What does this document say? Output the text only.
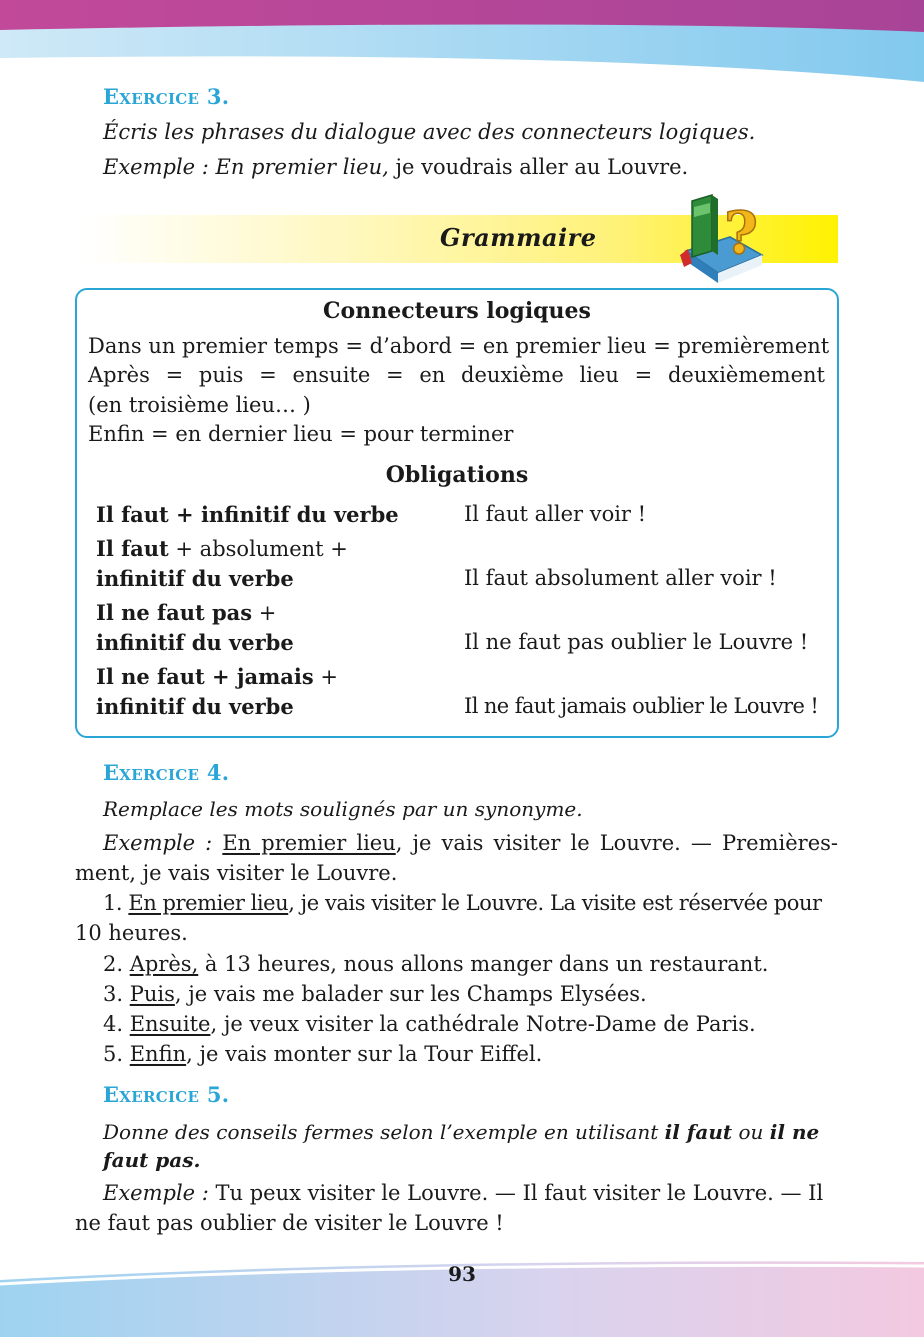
Exercice 3.
Écris les phrases du dialogue avec des connecteurs logiques.
Exemple : En premier lieu, je voudrais aller au Louvre.
Grammaire ?
Connecteurs logiques
Dans un premier temps = d’abord = en premier lieu = premièrement
Après = puis = ensuite = en deuxième lieu = deuxièmement
(en troisième lieu… )
Enfin = en dernier lieu = pour terminer
Obligations
Il faut + infinitif du verbe	Il faut aller voir !
Il faut + absolument +
infinitif du verbe	Il faut absolument aller voir !
Il ne faut pas +
infinitif du verbe	Il ne faut pas oublier le Louvre !
Il ne faut + jamais +
infinitif du verbe	Il ne faut jamais oublier le Louvre !
Exercice 4.
Remplace les mots soulignés par un synonyme.
Exemple : En premier lieu, je vais visiter le Louvre. — Premières-
ment, je vais visiter le Louvre.
1. En premier lieu, je vais visiter le Louvre. La visite est réservée pour
10 heures.
2. Après, à 13 heures, nous allons manger dans un restaurant.
3. Puis, je vais me balader sur les Champs Elysées.
4. Ensuite, je veux visiter la cathédrale Notre-Dame de Paris.
5. Enfin, je vais monter sur la Tour Eiffel.
Exercice 5.
Donne des conseils fermes selon l’exemple en utilisant il faut ou il ne
faut pas.
Exemple : Tu peux visiter le Louvre. — Il faut visiter le Louvre. — Il
ne faut pas oublier de visiter le Louvre !
93
